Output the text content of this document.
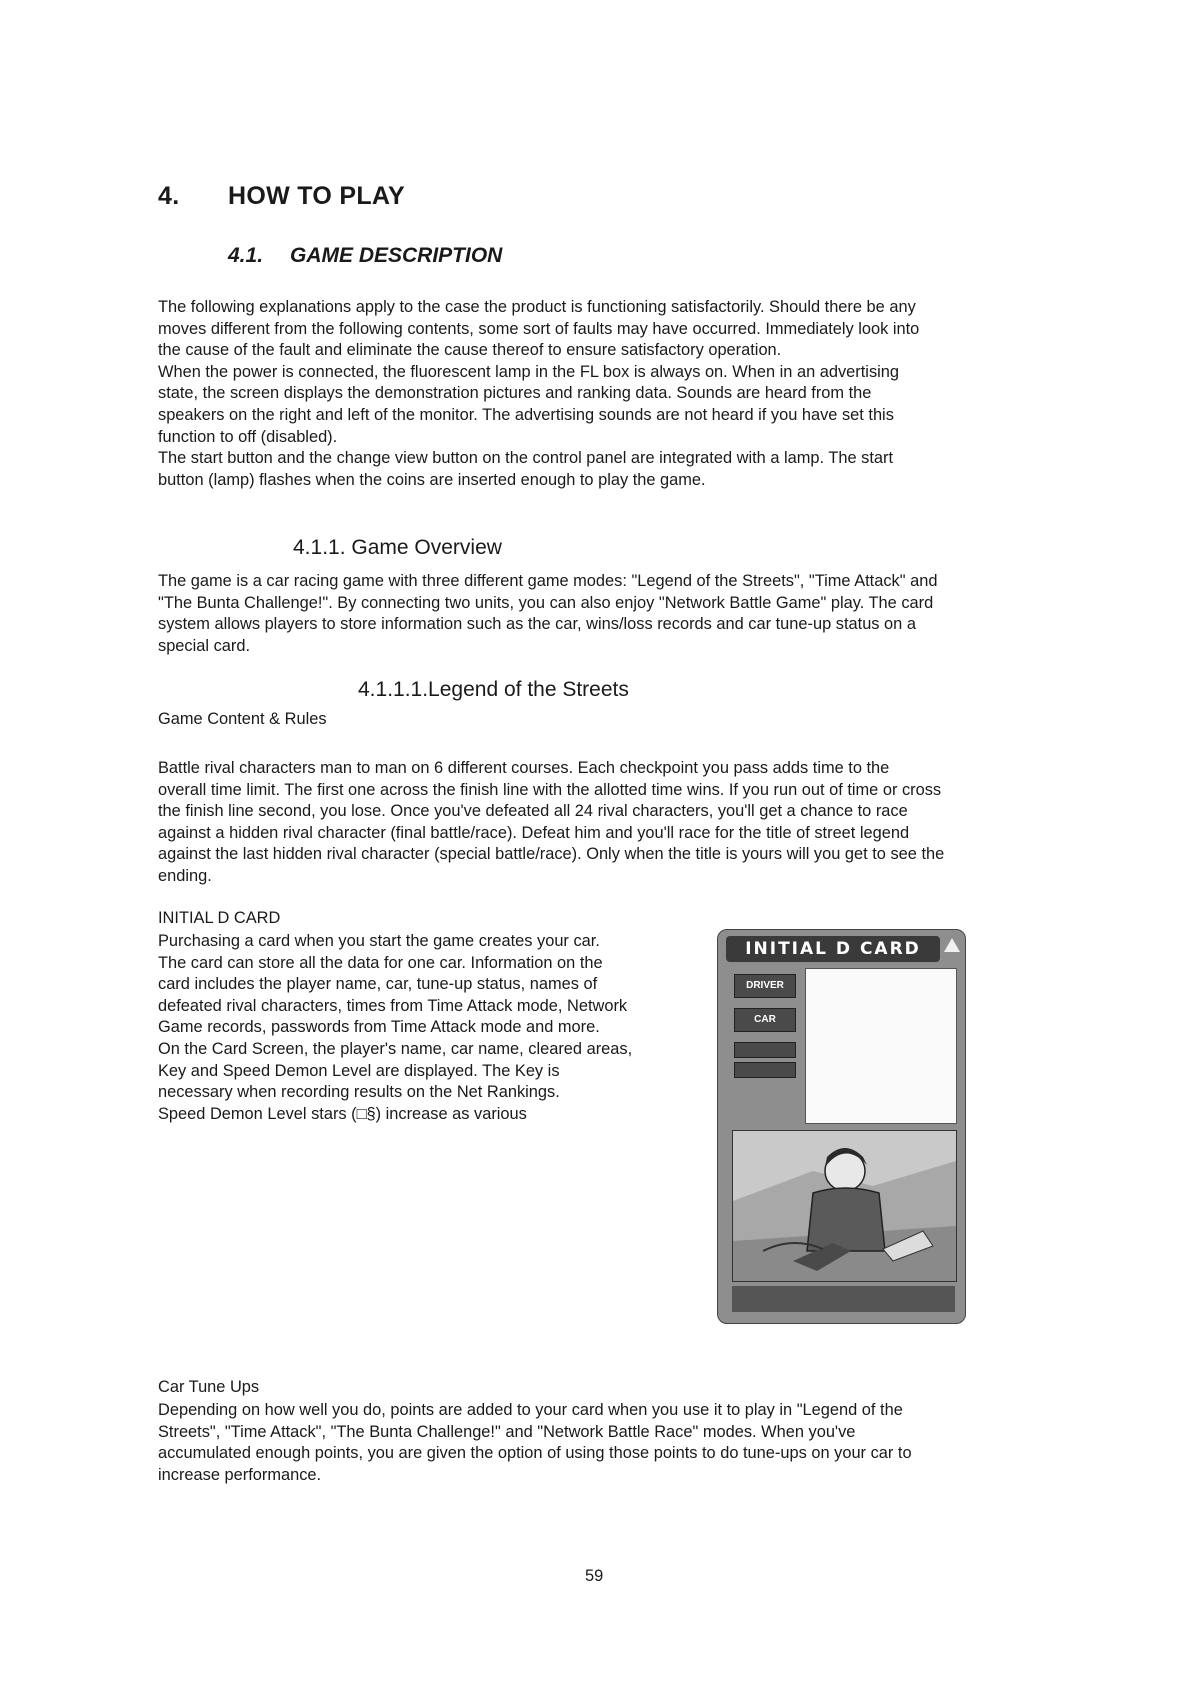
4. HOW TO PLAY
4.1. GAME DESCRIPTION
The following explanations apply to the case the product is functioning satisfactorily. Should there be any
moves different from the following contents, some sort of faults may have occurred. Immediately look into
the cause of the fault and eliminate the cause thereof to ensure satisfactory operation.
When the power is connected, the fluorescent lamp in the FL box is always on. When in an advertising
state, the screen displays the demonstration pictures and ranking data. Sounds are heard from the
speakers on the right and left of the monitor. The advertising sounds are not heard if you have set this
function to off (disabled).
The start button and the change view button on the control panel are integrated with a lamp. The start
button (lamp) flashes when the coins are inserted enough to play the game.
4.1.1. Game Overview
The game is a car racing game with three different game modes: "Legend of the Streets", "Time Attack" and
"The Bunta Challenge!". By connecting two units, you can also enjoy "Network Battle Game" play. The card
system allows players to store information such as the car, wins/loss records and car tune-up status on a
special card.
4.1.1.1.Legend of the Streets
Game Content & Rules
Battle rival characters man to man on 6 different courses. Each checkpoint you pass adds time to the
overall time limit. The first one across the finish line with the allotted time wins. If you run out of time or cross
the finish line second, you lose. Once you've defeated all 24 rival characters, you'll get a chance to race
against a hidden rival character (final battle/race). Defeat him and you'll race for the title of street legend
against the last hidden rival character (special battle/race). Only when the title is yours will you get to see the
ending.
INITIAL D CARD
Purchasing a card when you start the game creates your car.
The card can store all the data for one car. Information on the
card includes the player name, car, tune-up status, names of
defeated rival characters, times from Time Attack mode, Network
Game records, passwords from Time Attack mode and more.
On the Card Screen, the player's name, car name, cleared areas,
Key and Speed Demon Level are displayed. The Key is
necessary when recording results on the Net Rankings.
Speed Demon Level stars (□§) increase as various
INITIAL D CARD
DRIVER
CAR
Car Tune Ups
Depending on how well you do, points are added to your card when you use it to play in "Legend of the
Streets", "Time Attack", "The Bunta Challenge!" and "Network Battle Race" modes. When you've
accumulated enough points, you are given the option of using those points to do tune-ups on your car to
increase performance.
59
